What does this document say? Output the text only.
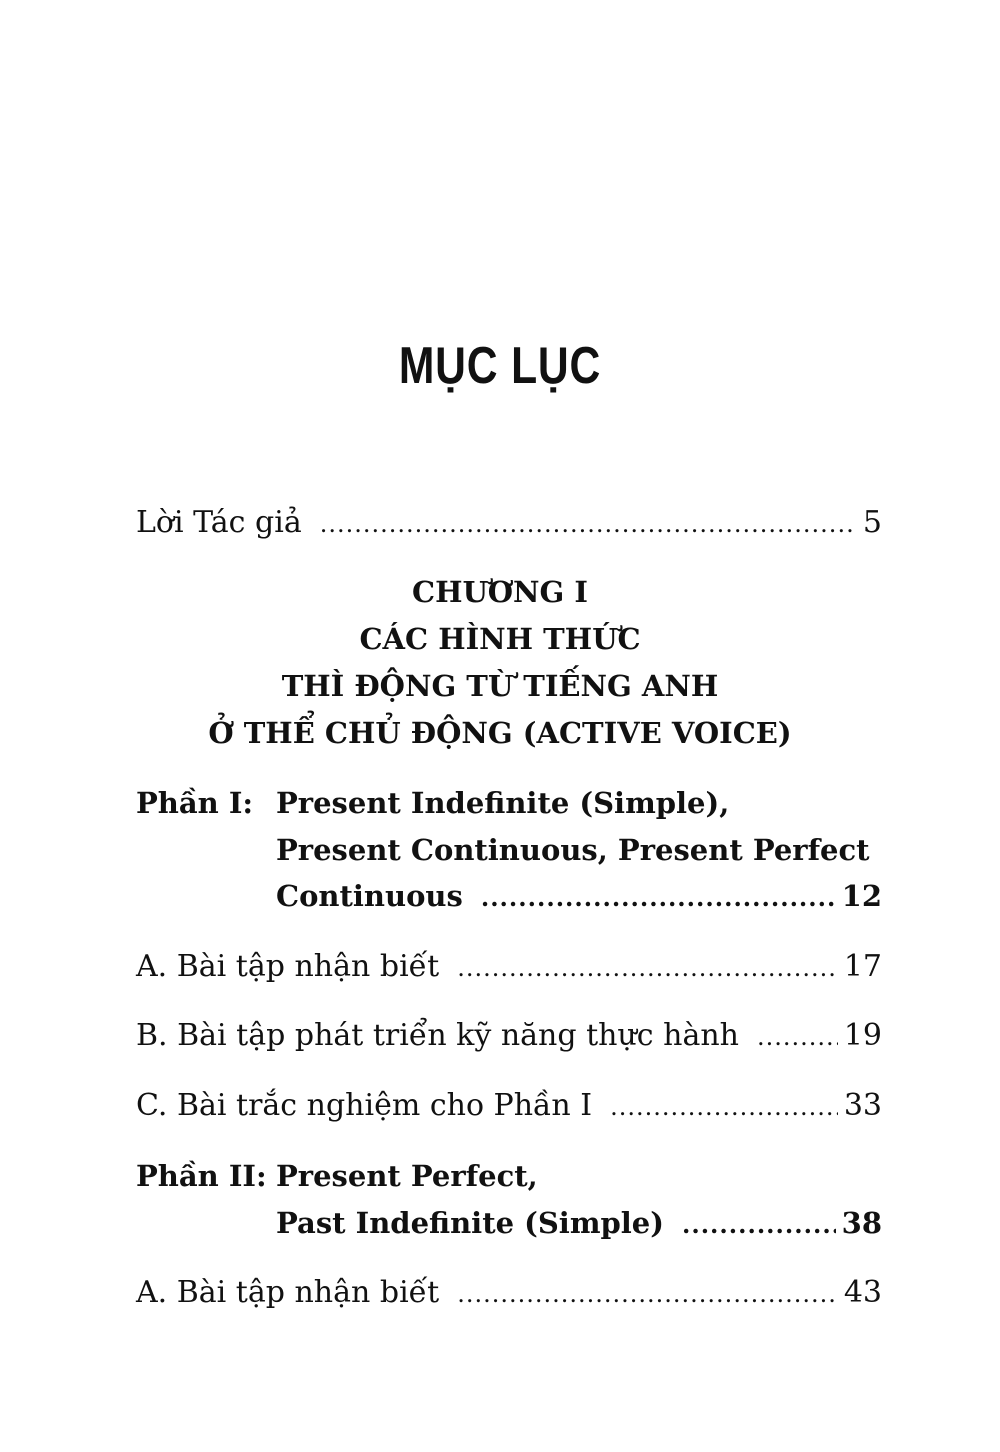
MỤC LỤC
Lời Tác giả .....	5
CHƯƠNG I
CÁC HÌNH THỨC
THÌ ĐỘNG TỪ TIẾNG ANH
Ở THỂ CHỦ ĐỘNG (ACTIVE VOICE)
Phần I: Present Indefinite (Simple),
Present Continuous, Present Perfect
Continuous .....	12
A. Bài tập nhận biết .....	17
B. Bài tập phát triển kỹ năng thực hành .....	19
C. Bài trắc nghiệm cho Phần I .....	33
Phần II: Present Perfect,
Past Indefinite (Simple) .....	38
A. Bài tập nhận biết .....	43
